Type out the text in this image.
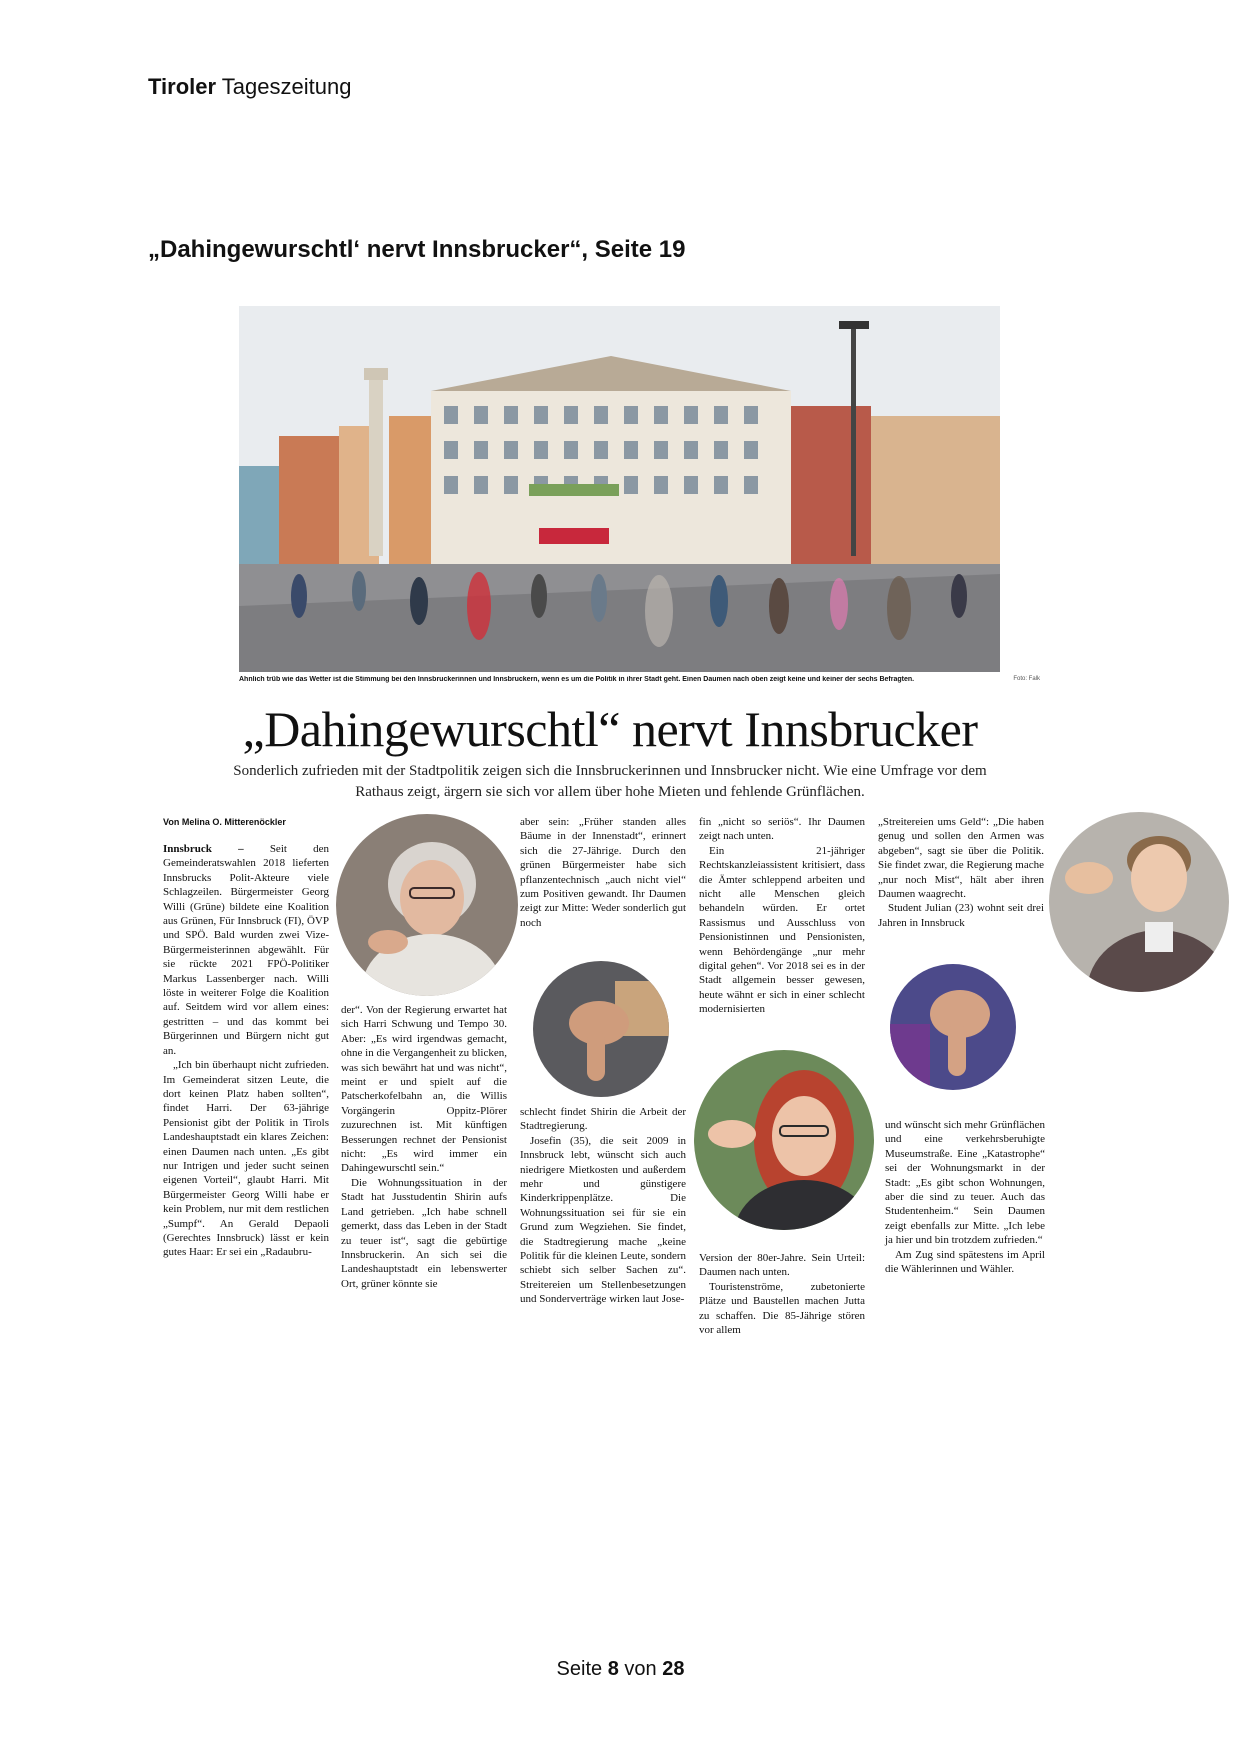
Tiroler Tageszeitung
„Dahingewurschtl‘ nervt Innsbrucker“, Seite 19
Ähnlich trüb wie das Wetter ist die Stimmung bei den Innsbruckerinnen und Innsbruckern, wenn es um die Politik in ihrer Stadt geht. Einen Daumen nach oben zeigt keine und keiner der sechs Befragten.	Foto: Falk
„Dahingewurschtl“ nervt Innsbrucker
Sonderlich zufrieden mit der Stadtpolitik zeigen sich die Innsbruckerinnen und Innsbrucker nicht. Wie eine Umfrage vor dem Rathaus zeigt, ärgern sie sich vor allem über hohe Mieten und fehlende Grünflächen.
Von Melina O. Mitterenöckler

Innsbruck – Seit den Gemeinderatswahlen 2018 lieferten Innsbrucks Polit-Akteure viele Schlagzeilen. Bürgermeister Georg Willi (Grüne) bildete eine Koalition aus Grünen, Für Innsbruck (FI), ÖVP und SPÖ. Bald wurden zwei Vize-Bürgermeisterinnen abgewählt. Für sie rückte 2021 FPÖ-Politiker Markus Lassenberger nach. Willi löste in weiterer Folge die Koalition auf. Seitdem wird vor allem eines: gestritten – und das kommt bei Bürgerinnen und Bürgern nicht gut an.

„Ich bin überhaupt nicht zufrieden. Im Gemeinderat sitzen Leute, die dort keinen Platz haben sollten“, findet Harri. Der 63-jährige Pensionist gibt der Politik in Tirols Landeshauptstadt ein klares Zeichen: einen Daumen nach unten. „Es gibt nur Intrigen und jeder sucht seinen eigenen Vorteil“, glaubt Harri. Mit Bürgermeister Georg Willi habe er kein Problem, nur mit dem restlichen „Sumpf“. An Gerald Depaoli (Gerechtes Innsbruck) lässt er kein gutes Haar: Er sei ein „Radaubru-

der“. Von der Regierung erwartet hat sich Harri Schwung und Tempo 30. Aber: „Es wird irgendwas gemacht, ohne in die Vergangenheit zu blicken, was sich bewährt hat und was nicht“, meint er und spielt auf die Patscherkofelbahn an, die Willis Vorgängerin Oppitz-Plörer zuzurechnen ist. Mit künftigen Besserungen rechnet der Pensionist nicht: „Es wird immer ein Dahingewurschtl sein.“

Die Wohnungssituation in der Stadt hat Jusstudentin Shirin aufs Land getrieben. „Ich habe schnell gemerkt, dass das Leben in der Stadt zu teuer ist“, sagt die gebürtige Innsbruckerin. An sich sei die Landeshauptstadt ein lebenswerter Ort, grüner könnte sie

aber sein: „Früher standen alles Bäume in der Innenstadt“, erinnert sich die 27-Jährige. Durch den grünen Bürgermeister habe sich pflanzentechnisch „auch nicht viel“ zum Positiven gewandt. Ihr Daumen zeigt zur Mitte: Weder sonderlich gut noch

schlecht findet Shirin die Arbeit der Stadtregierung.

Josefin (35), die seit 2009 in Innsbruck lebt, wünscht sich auch niedrigere Mietkosten und außerdem mehr und günstigere Kinderkrippenplätze. Die Wohnungssituation sei für sie ein Grund zum Wegziehen. Sie findet, die Stadtregierung mache „keine Politik für die kleinen Leute, sondern schiebt sich selber Sachen zu“. Streitereien um Stellenbesetzungen und Sonderverträge wirken laut Jose-

fin „nicht so seriös“. Ihr Daumen zeigt nach unten.

Ein 21-jähriger Rechtskanzleiassistent kritisiert, dass die Ämter schleppend arbeiten und nicht alle Menschen gleich behandeln würden. Er ortet Rassismus und Ausschluss von Pensionistinnen und Pensionisten, wenn Behördengänge „nur mehr digital gehen“. Vor 2018 sei es in der Stadt allgemein besser gewesen, heute wähnt er sich in einer schlecht modernisierten

Version der 80er-Jahre. Sein Urteil: Daumen nach unten.

Touristenströme, zubetonierte Plätze und Baustellen machen Jutta zu schaffen. Die 85-Jährige stören vor allem

„Streitereien ums Geld“: „Die haben genug und sollen den Armen was abgeben“, sagt sie über die Politik. Sie findet zwar, die Regierung mache „nur noch Mist“, hält aber ihren Daumen waagrecht.

Student Julian (23) wohnt seit drei Jahren in Innsbruck

und wünscht sich mehr Grünflächen und eine verkehrsberuhigte Museumstraße. Eine „Katastrophe“ sei der Wohnungsmarkt in der Stadt: „Es gibt schon Wohnungen, aber die sind zu teuer. Auch das Studentenheim.“ Sein Daumen zeigt ebenfalls zur Mitte. „Ich lebe ja hier und bin trotzdem zufrieden.“

Am Zug sind spätestens im April die Wählerinnen und Wähler.

Seite 8 von 28
